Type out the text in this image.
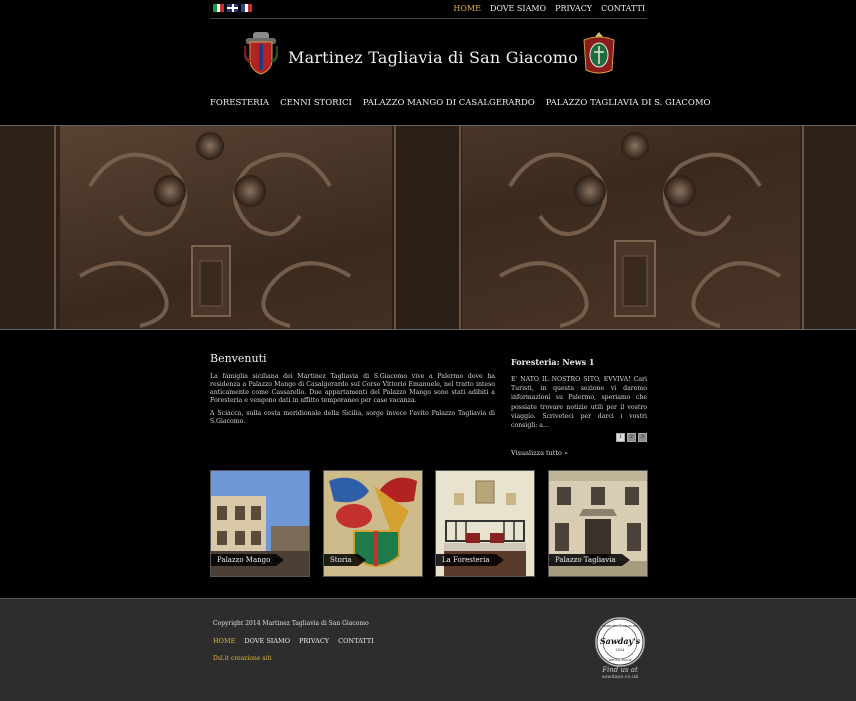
HOME DOVE SIAMO PRIVACY CONTATTI
Martinez Tagliavia di San Giacomo
FORESTERIA CENNI STORICI PALAZZO MANGO DI CASALGERARDO PALAZZO TAGLIAVIA DI S. GIACOMO
Benvenuti

La famiglia siciliana dei Martinez Tagliavia di S.Giacomo vive a Palermo dove ha residenza a Palazzo Mango di Casalgerardo sul Corso Vittorio Emanuele, nel tratto inteso anticamente come Cassarello. Due appartamenti del Palazzo Mango sono stati adibiti a Foresteria e vengono dati in affitto temporaneo per case vacanza.

A Sciacca, sulla costa meridionale della Sicilia, sorge invece l'avito Palazzo Tagliavia di S.Giacomo.

Foresteria: News 1

E' NATO IL NOSTRO SITO, EVVIVA! Cari Turisti, in questa sezione vi daremo informazioni su Palermo, speriamo che possiate trovare notizie utili per il vostro viaggio. Scriveteci per darci i vostri consigli: a...

1	2	3
Visualizza tutto »
Palazzo Mango	Storia	La Foresteria	Palazzo Tagliavia
Copyright 2014 Martinez Tagliavia di San Giacomo
HOME DOVE SIAMO PRIVACY CONTATTI
Dsl.it creazione siti
INSPECTED & SELECTED
Sawday's
2014
SPECIAL PLACE
Find us at
sawdays.co.uk
